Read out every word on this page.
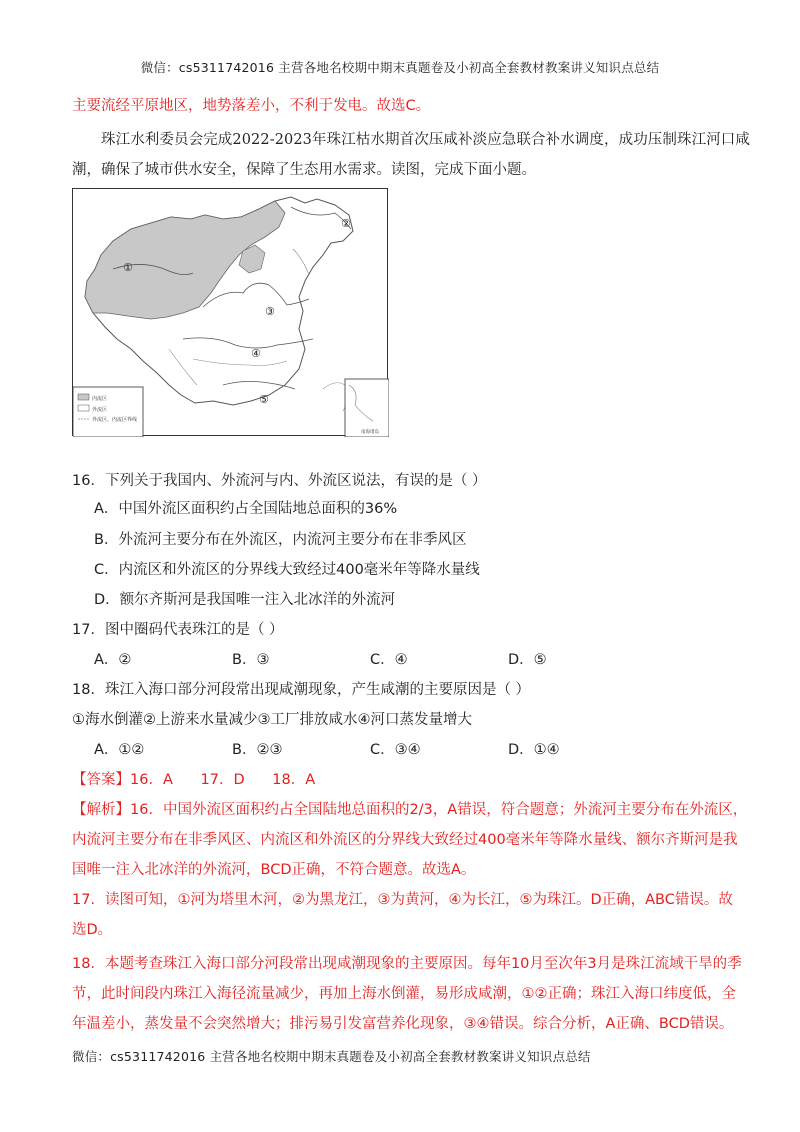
微信：cs5311742016 主营各地名校期中期末真题卷及小初高全套教材教案讲义知识点总结
主要流经平原地区，地势落差小，不利于发电。故选C。
珠江水利委员会完成2022-2023年珠江枯水期首次压咸补淡应急联合补水调度，成功压制珠江河口咸
潮，确保了城市供水安全，保障了生态用水需求。读图，完成下面小题。
内流区
外流区
外流区、内流区界线
南海诸岛
①
②
③
④
⑤
16．下列关于我国内、外流河与内、外流区说法，有误的是（ ）
A．中国外流区面积约占全国陆地总面积的36%
B．外流河主要分布在外流区，内流河主要分布在非季风区
C．内流区和外流区的分界线大致经过400毫米年等降水量线
D．额尔齐斯河是我国唯一注入北冰洋的外流河
17．图中圈码代表珠江的是（ ）
A．②	B．③	C．④	D．⑤
18．珠江入海口部分河段常出现咸潮现象，产生咸潮的主要原因是（ ）
①海水倒灌②上游来水量减少③工厂排放咸水④河口蒸发量增大
A．①②	B．②③	C．③④	D．①④
【答案】16．A      17．D      18．A
【解析】16．中国外流区面积约占全国陆地总面积的2/3，A错误，符合题意；外流河主要分布在外流区，
内流河主要分布在非季风区、内流区和外流区的分界线大致经过400毫米年等降水量线、额尔齐斯河是我
国唯一注入北冰洋的外流河，BCD正确，不符合题意。故选A。
17．读图可知，①河为塔里木河，②为黑龙江，③为黄河，④为长江，⑤为珠江。D正确，ABC错误。故
选D。
18．本题考查珠江入海口部分河段常出现咸潮现象的主要原因。每年10月至次年3月是珠江流域干旱的季
节，此时间段内珠江入海径流量减少，再加上海水倒灌，易形成咸潮，①②正确；珠江入海口纬度低，全
年温差小，蒸发量不会突然增大；排污易引发富营养化现象，③④错误。综合分析，A正确、BCD错误。
微信：cs5311742016 主营各地名校期中期末真题卷及小初高全套教材教案讲义知识点总结
